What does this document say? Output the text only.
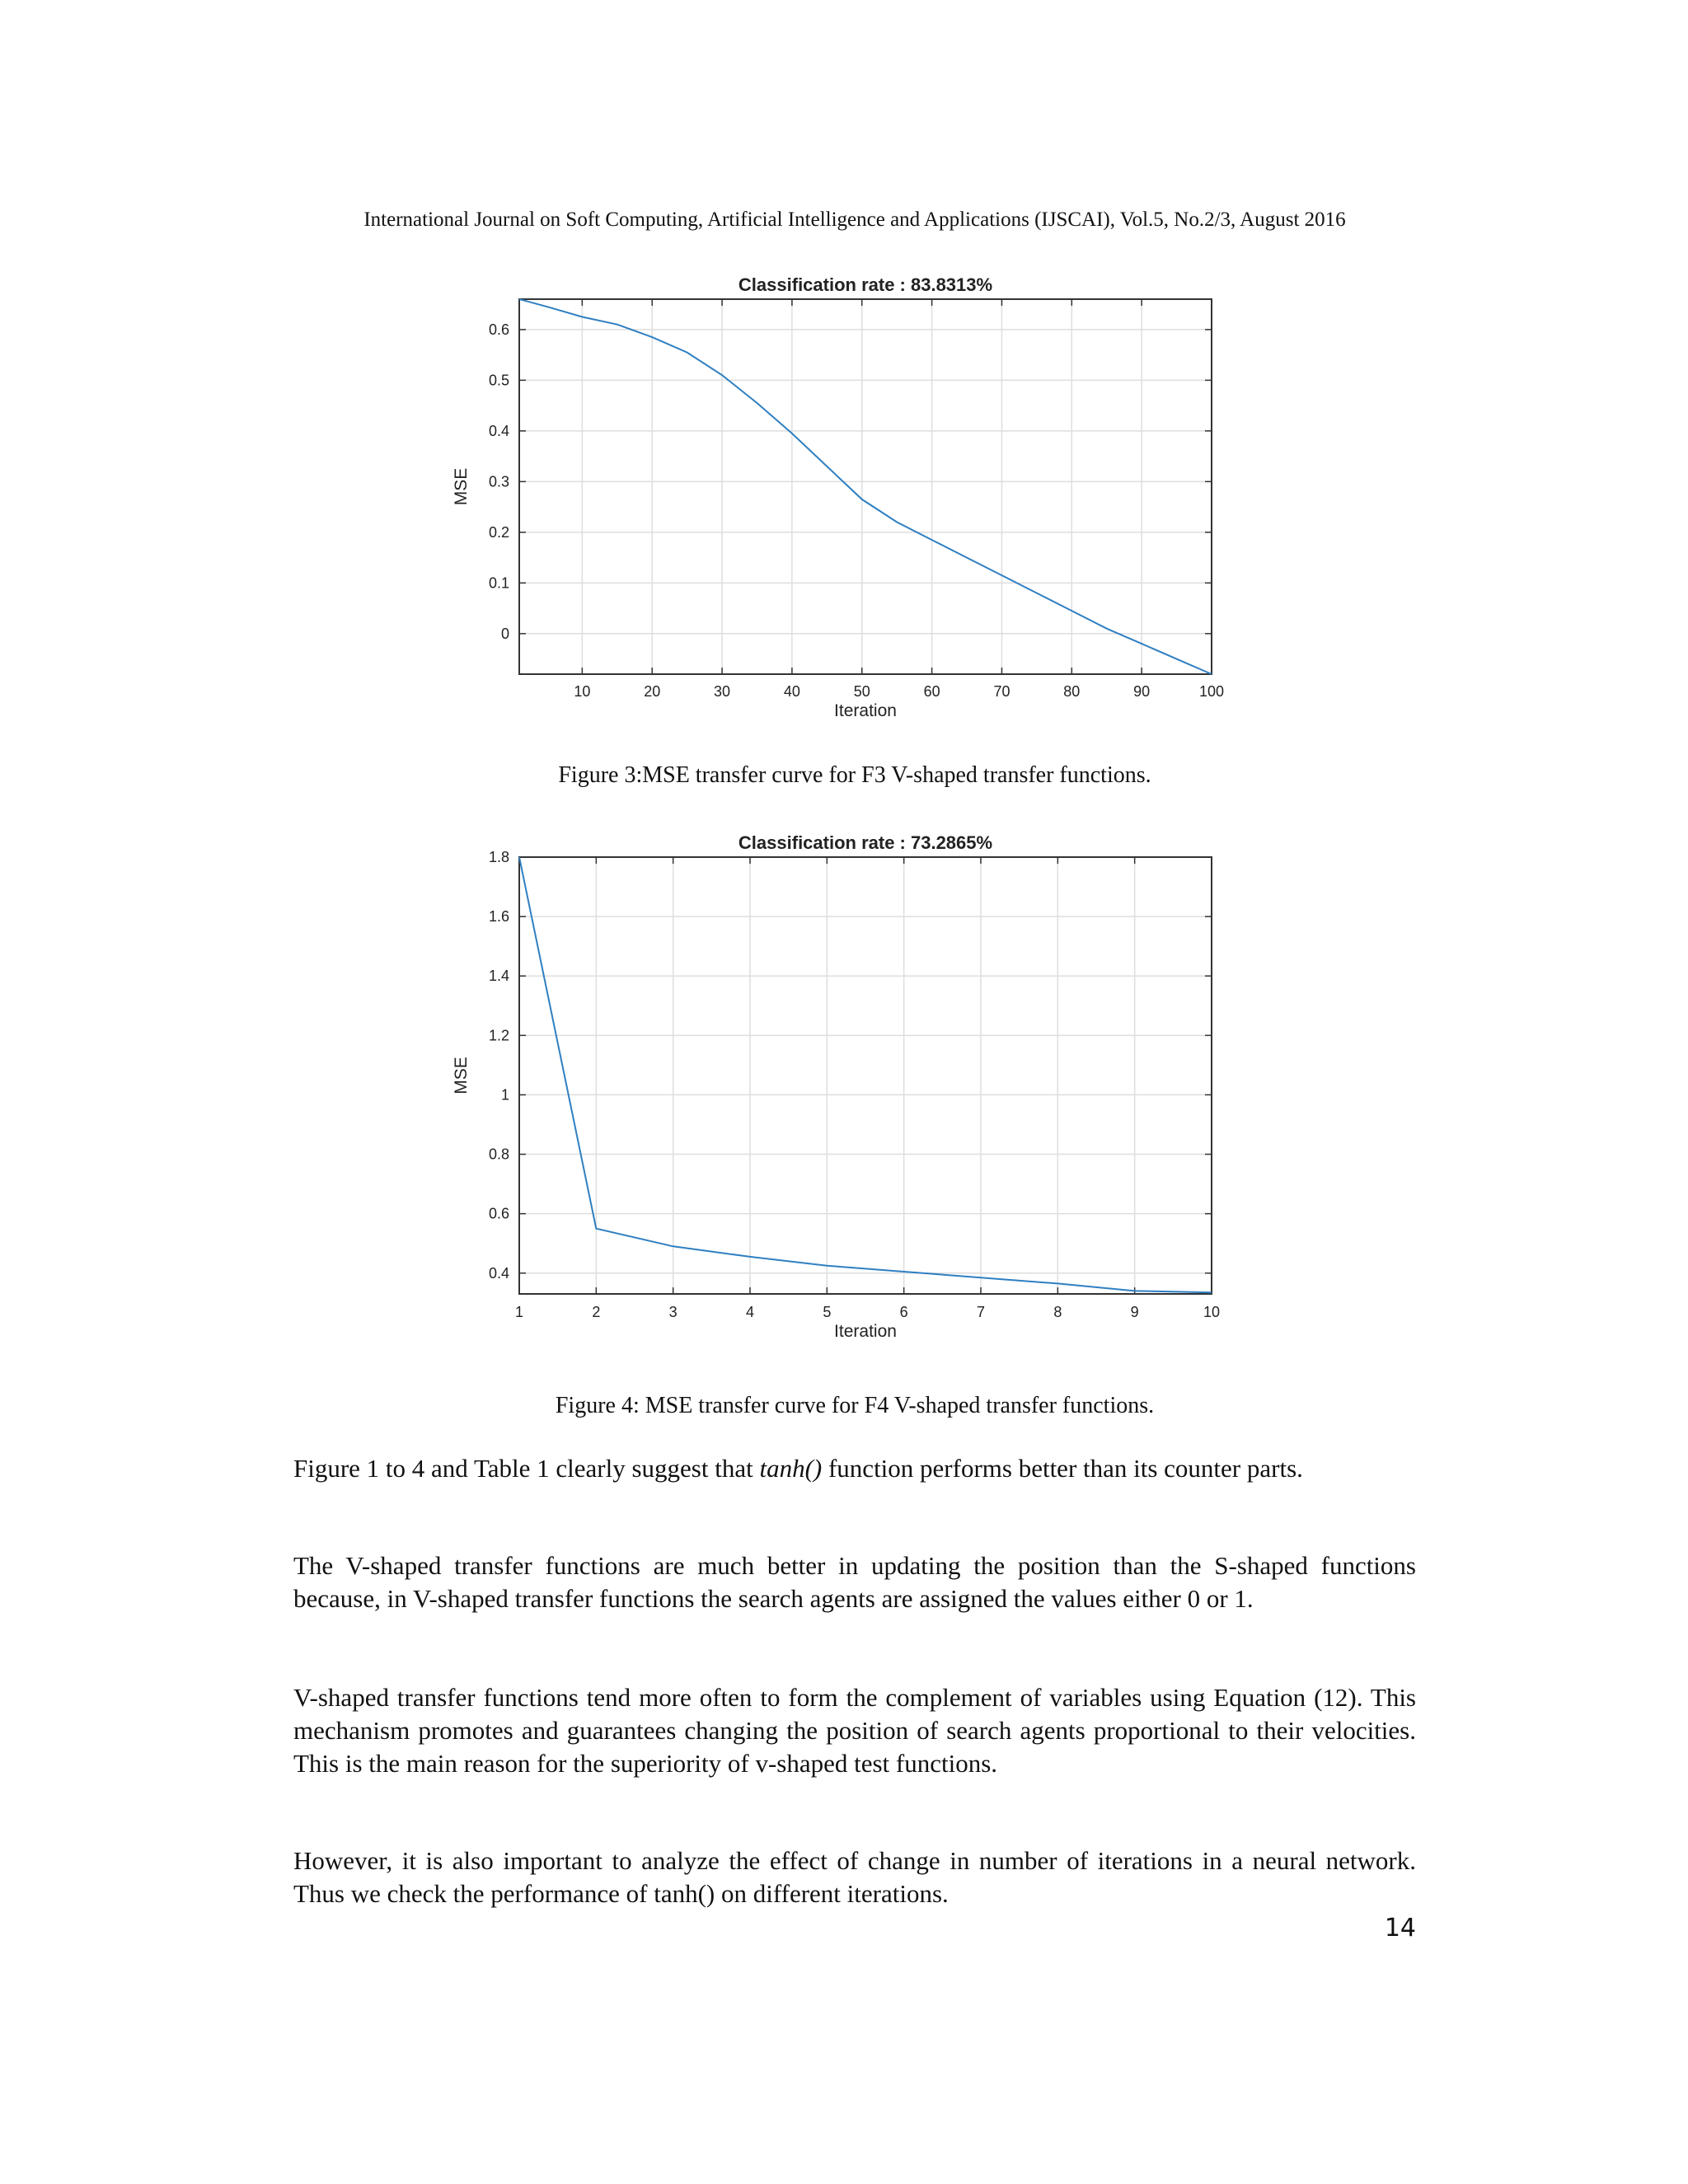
International Journal on Soft Computing, Artificial Intelligence and Applications (IJSCAI), Vol.5, No.2/3, August 2016
Classification rate : 83.8313%
10	20	30	40	50	60	70	80	90	100
0
0.1
0.2
0.3
0.4
0.5
0.6
Iteration
MSE
Figure 3:MSE transfer curve for F3 V-shaped transfer functions.
Classification rate : 73.2865%
1	2	3	4	5	6	7	8	9	10
0.4
0.6
0.8
1
1.2
1.4
1.6
1.8
Iteration
MSE
Figure 4: MSE transfer curve for F4 V-shaped transfer functions.

Figure 1 to 4 and Table 1 clearly suggest that tanh() function performs better than its counter parts.

The V-shaped transfer functions are much better in updating the position than the S-shaped functions because, in V-shaped transfer functions the search agents are assigned the values either 0 or 1.

V-shaped transfer functions tend more often to form the complement of variables using Equation (12). This mechanism promotes and guarantees changing the position of search agents proportional to their velocities. This is the main reason for the superiority of v-shaped test functions.

However, it is also important to analyze the effect of change in number of iterations in a neural network. Thus we check the performance of tanh() on different iterations.

14
